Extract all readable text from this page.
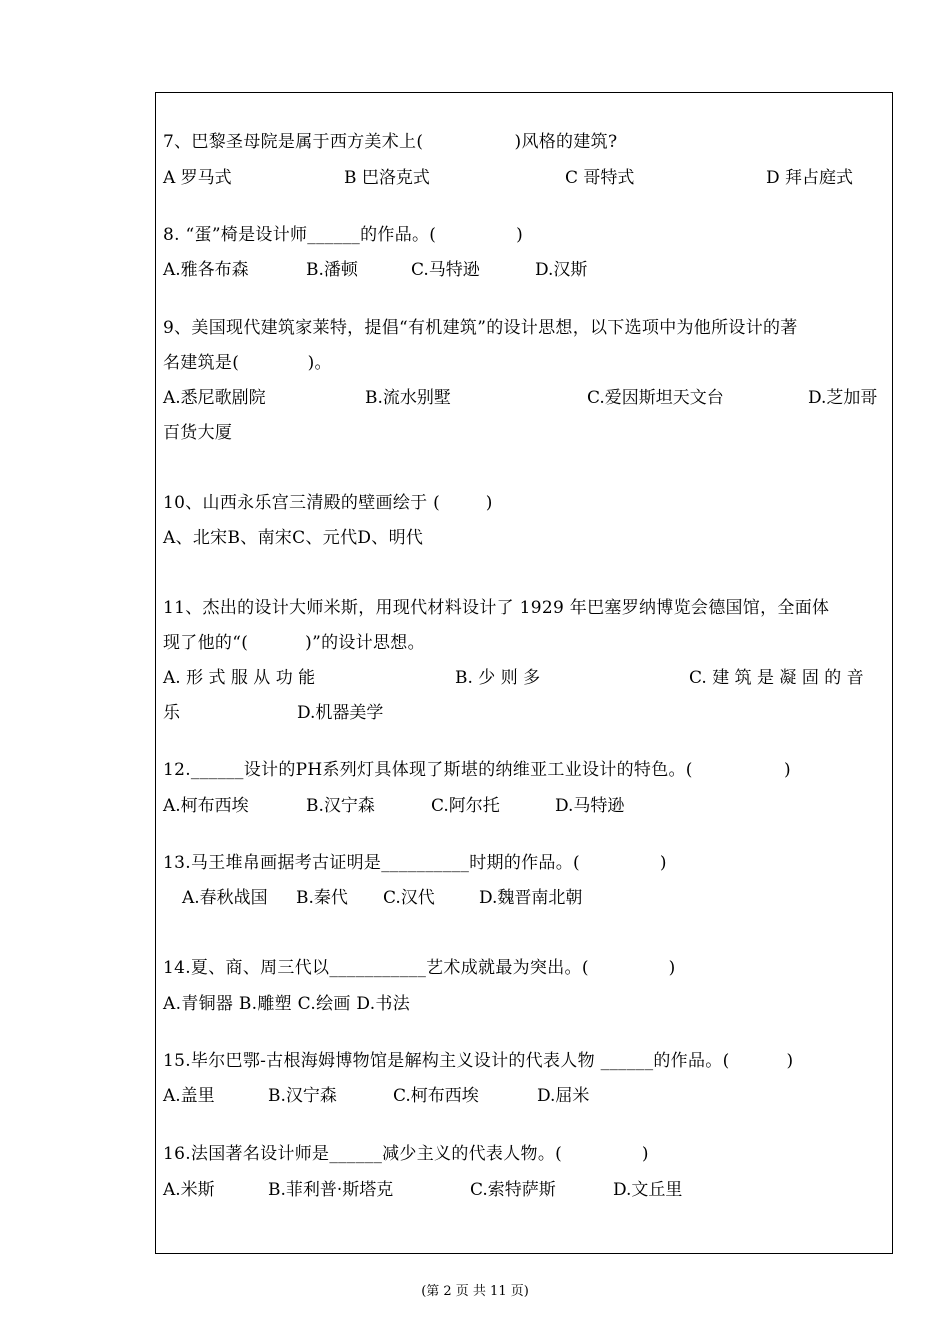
7、巴黎圣母院是属于西方美术上(                )风格的建筑?
A 罗马式	B 巴洛克式	C 哥特式	D 拜占庭式
8. “蛋”椅是设计师______的作品。(              )
A.雅各布森	B.潘顿	C.马特逊	D.汉斯
9、美国现代建筑家莱特，提倡“有机建筑”的设计思想，以下选项中为他所设计的著
名建筑是(            )。
A.悉尼歌剧院	B.流水别墅	C.爱因斯坦天文台	D.芝加哥
百货大厦
10、山西永乐宫三清殿的壁画绘于 (        )
A、北宋B、南宋C、元代D、明代
11、杰出的设计大师米斯，用现代材料设计了 1929 年巴塞罗纳博览会德国馆，全面体
现了他的“(          )”的设计思想。
A. 形 式 服 从 功 能	B. 少 则 多	C. 建 筑 是 凝 固 的 音
乐	D.机器美学
12.______设计的PH系列灯具体现了斯堪的纳维亚工业设计的特色。(                )
A.柯布西埃	B.汉宁森	C.阿尔托	D.马特逊
13.马王堆帛画据考古证明是__________时期的作品。(              )
A.春秋战国 B.秦代 C.汉代	D.魏晋南北朝
14.夏、商、周三代以___________艺术成就最为突出。(              )
A.青铜器 B.雕塑 C.绘画 D.书法
15.毕尔巴鄂-古根海姆博物馆是解构主义设计的代表人物 ______的作品。(          )
A.盖里	B.汉宁森	C.柯布西埃	D.屈米
16.法国著名设计师是______减少主义的代表人物。(              )
A.米斯	B.菲利普·斯塔克	C.索特萨斯	D.文丘里
(第 2 页 共 11 页)
